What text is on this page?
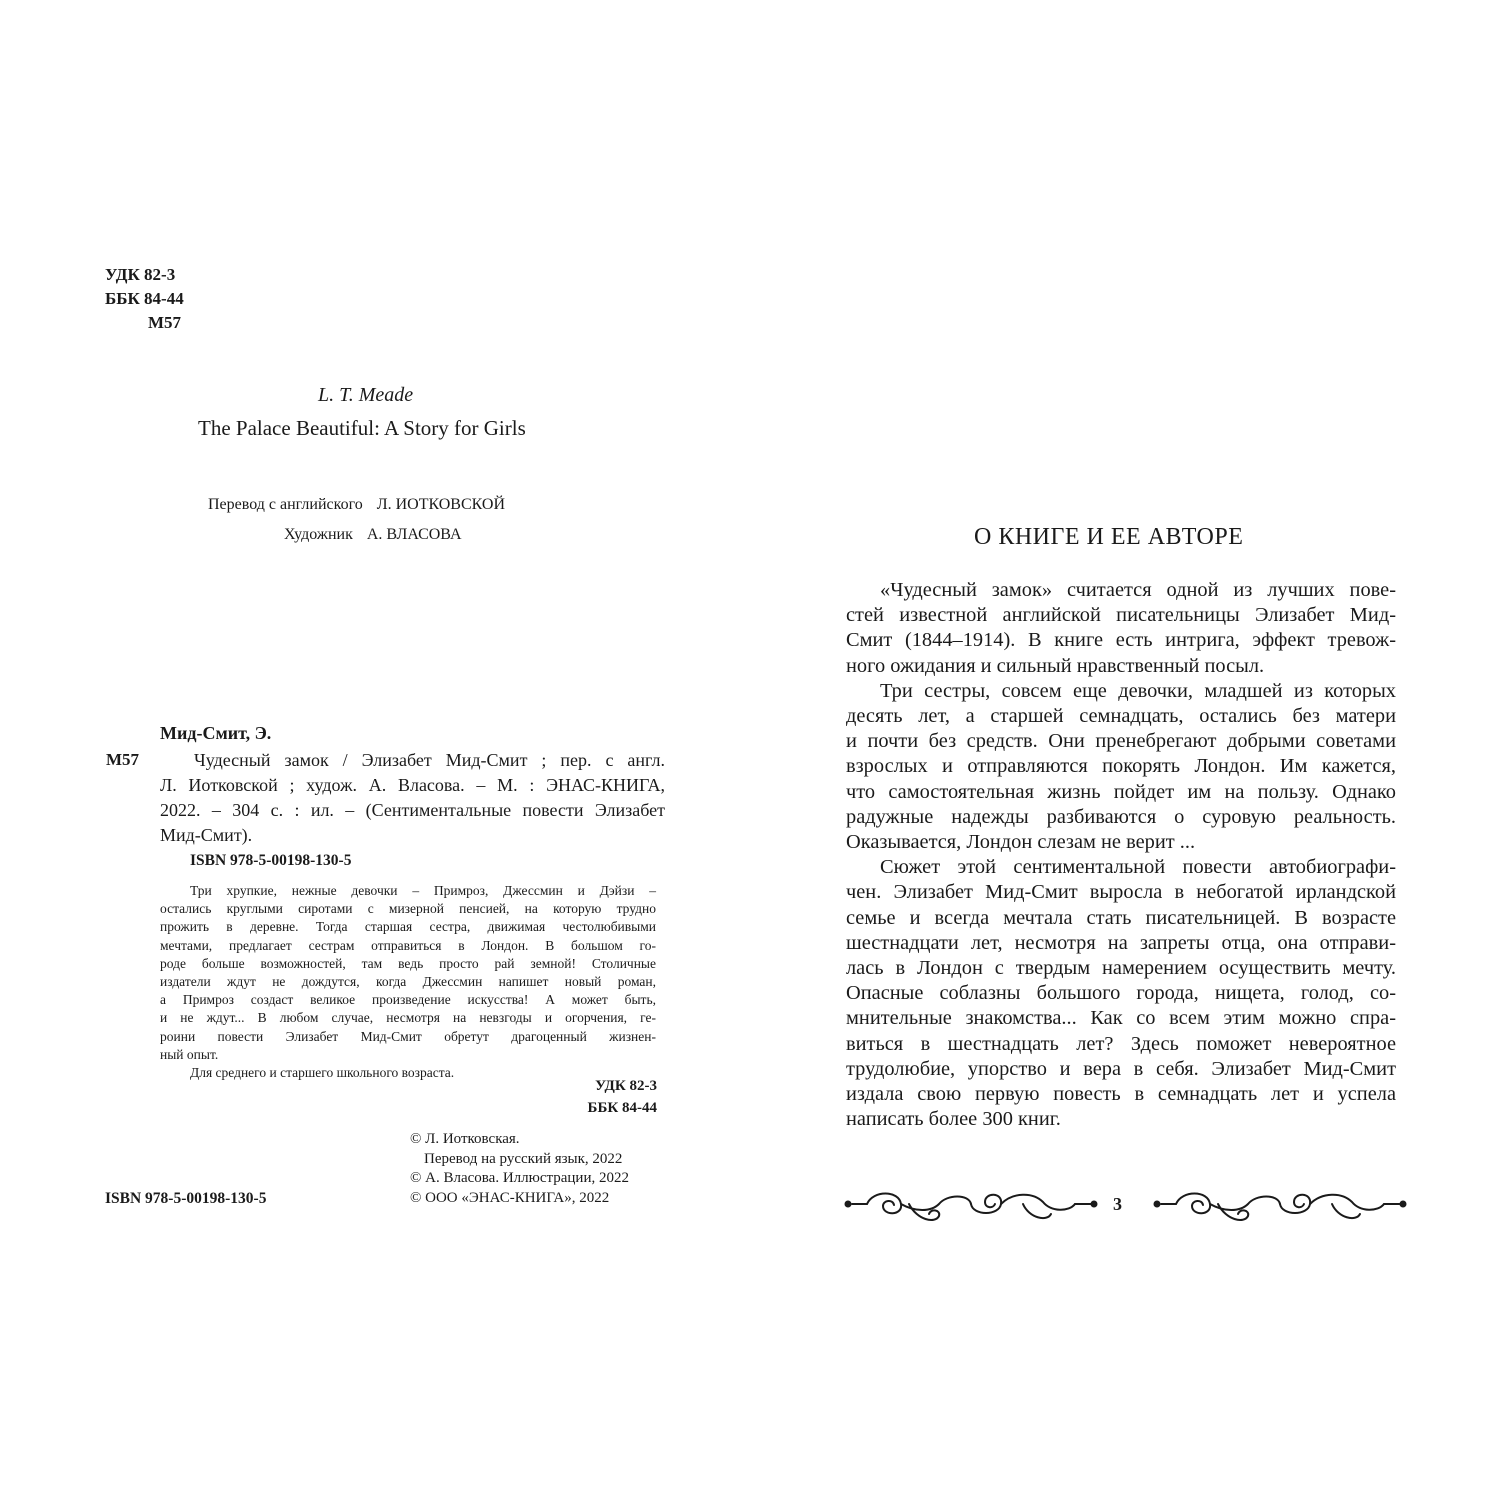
УДК 82-3
ББК 84-44
М57
L. T. Meade
The Palace Beautiful: A Story for Girls
Перевод с английского Л. ИОТКОВСКОЙ
Художник А. ВЛАСОВА
Мид-Смит, Э.
М57	Чудесный замок / Элизабет Мид-Смит ; пер. с англ.
Л. Иотковской ; худож. А. Власова. – М. : ЭНАС-КНИГА,
2022. – 304 с. : ил. – (Сентиментальные повести Элизабет
Мид-Смит).
ISBN 978-5-00198-130-5
Три хрупкие, нежные девочки – Примроз, Джессмин и Дэйзи –
остались круглыми сиротами с мизерной пенсией, на которую трудно
прожить в деревне. Тогда старшая сестра, движимая честолюбивыми
мечтами, предлагает сестрам отправиться в Лондон. В большом го-
роде больше возможностей, там ведь просто рай земной! Столичные
издатели ждут не дождутся, когда Джессмин напишет новый роман,
а Примроз создаст великое произведение искусства! А может быть,
и не ждут... В любом случае, несмотря на невзгоды и огорчения, ге-
роини повести Элизабет Мид-Смит обретут драгоценный жизнен-
ный опыт.
Для среднего и старшего школьного возраста.
УДК 82-3
ББК 84-44
© Л. Иотковская.
Перевод на русский язык, 2022
© А. Власова. Иллюстрации, 2022
© ООО «ЭНАС-КНИГА», 2022
ISBN 978-5-00198-130-5
О КНИГЕ И ЕЕ АВТОРЕ
«Чудесный замок» считается одной из лучших пове-
стей известной английской писательницы Элизабет Мид-
Смит (1844–1914). В книге есть интрига, эффект тревож-
ного ожидания и сильный нравственный посыл.
Три сестры, совсем еще девочки, младшей из которых
десять лет, а старшей семнадцать, остались без матери
и почти без средств. Они пренебрегают добрыми советами
взрослых и отправляются покорять Лондон. Им кажется,
что самостоятельная жизнь пойдет им на пользу. Однако
радужные надежды разбиваются о суровую реальность.
Оказывается, Лондон слезам не верит ...
Сюжет этой сентиментальной повести автобиографи-
чен. Элизабет Мид-Смит выросла в небогатой ирландской
семье и всегда мечтала стать писательницей. В возрасте
шестнадцати лет, несмотря на запреты отца, она отправи-
лась в Лондон с твердым намерением осуществить мечту.
Опасные соблазны большого города, нищета, голод, со-
мнительные знакомства... Как со всем этим можно спра-
виться в шестнадцать лет? Здесь поможет невероятное
трудолюбие, упорство и вера в себя. Элизабет Мид-Смит
издала свою первую повесть в семнадцать лет и успела
написать более 300 книг.
3
